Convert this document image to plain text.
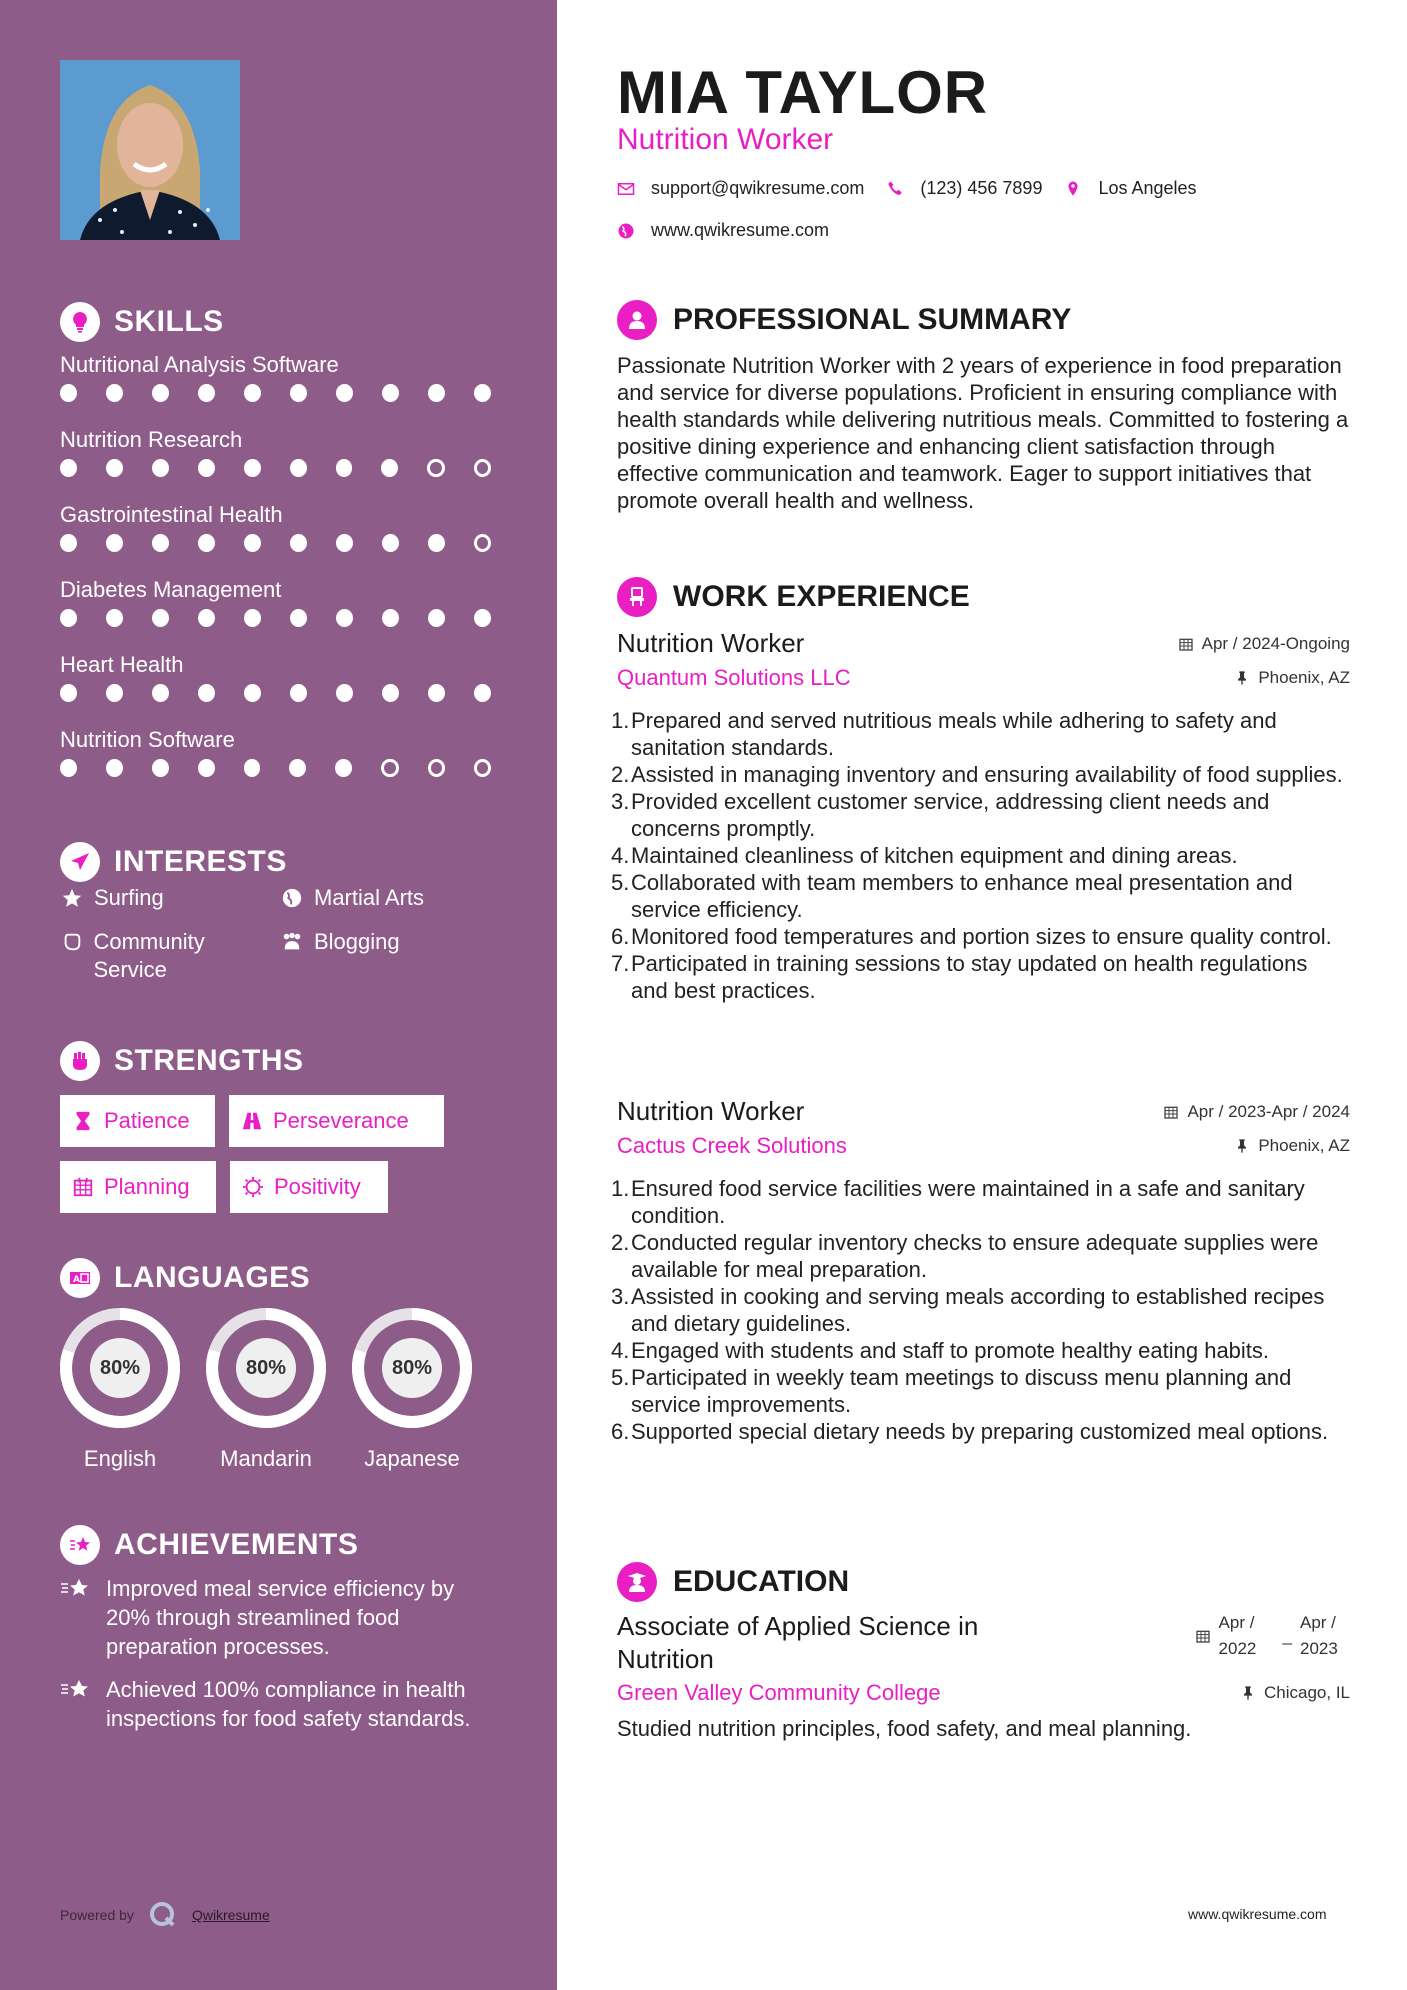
SKILLS
Nutritional Analysis Software
Nutrition Research
Gastrointestinal Health
Diabetes Management
Heart Health
Nutrition Software
INTERESTS
Surfing	Martial Arts
Community Service
Blogging
STRENGTHS
Patience	Perseverance
Planning	Positivity
A LANGUAGES
80%
English
80%
Mandarin
80%
Japanese
ACHIEVEMENTS
Improved meal service efficiency by 20% through streamlined food preparation processes.
Achieved 100% compliance in health inspections for food safety standards.
Powered by	Qwikresume
MIA TAYLOR
Nutrition Worker
support@qwikresume.com	(123) 456 7899	Los Angeles
www.qwikresume.com
PROFESSIONAL SUMMARY

Passionate Nutrition Worker with 2 years of experience in food preparation and service for diverse populations. Proficient in ensuring compliance with health standards while delivering nutritious meals. Committed to fostering a positive dining experience and enhancing client satisfaction through effective communication and teamwork. Eager to support initiatives that promote overall health and wellness.

WORK EXPERIENCE
Nutrition Worker	Apr / 2024-Ongoing
Quantum Solutions LLC	Phoenix, AZ
1. Prepared and served nutritious meals while adhering to safety and sanitation standards.
2. Assisted in managing inventory and ensuring availability of food supplies.
3. Provided excellent customer service, addressing client needs and concerns promptly.
4. Maintained cleanliness of kitchen equipment and dining areas.
5. Collaborated with team members to enhance meal presentation and service efficiency.
6. Monitored food temperatures and portion sizes to ensure quality control.
7. Participated in training sessions to stay updated on health regulations and best practices.
Nutrition Worker	Apr / 2023-Apr / 2024
Cactus Creek Solutions	Phoenix, AZ
1. Ensured food service facilities were maintained in a safe and sanitary condition.
2. Conducted regular inventory checks to ensure adequate supplies were available for meal preparation.
3. Assisted in cooking and serving meals according to established recipes and dietary guidelines.
4. Engaged with students and staff to promote healthy eating habits.
5. Participated in weekly team meetings to discuss menu planning and service improvements.
6. Supported special dietary needs by preparing customized meal options.
EDUCATION
Associate of Applied Science in Nutrition
Apr / 2022
_
Apr / 2023
Green Valley Community College	Chicago, IL

Studied nutrition principles, food safety, and meal planning.

www.qwikresume.com
